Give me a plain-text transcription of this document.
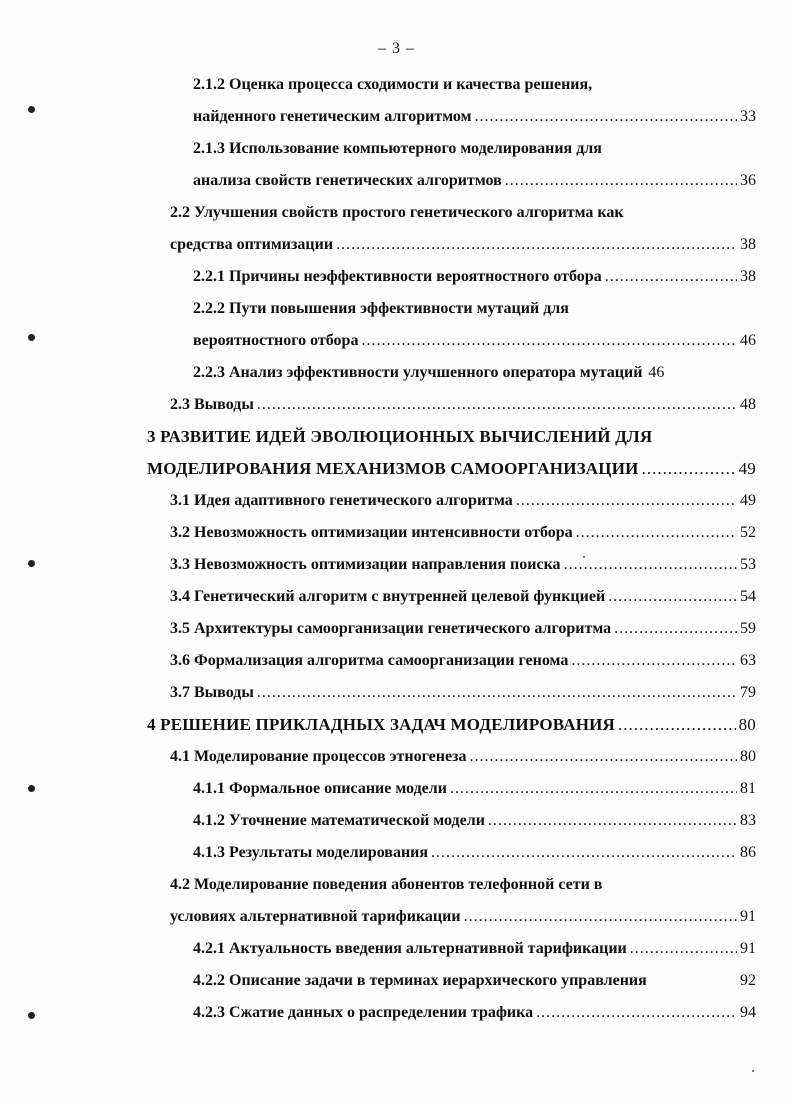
– 3 –
2.1.2 Оценка процесса сходимости и качества решения,
найденного генетическим алгоритмом .....	33
2.1.3 Использование компьютерного моделирования для
анализа свойств генетических алгоритмов .....	36
2.2 Улучшения свойств простого генетического алгоритма как
средства оптимизации .....	38
2.2.1 Причины неэффективности вероятностного отбора .....	38
2.2.2 Пути повышения эффективности мутаций для
вероятностного отбора .....	46
2.2.3 Анализ эффективности улучшенного оператора мутаций 46
2.3 Выводы .....	48
3 РАЗВИТИЕ ИДЕЙ ЭВОЛЮЦИОННЫХ ВЫЧИСЛЕНИЙ ДЛЯ
МОДЕЛИРОВАНИЯ МЕХАНИЗМОВ САМООРГАНИЗАЦИИ .....	49
3.1 Идея адаптивного генетического алгоритма .....	49
3.2 Невозможность оптимизации интенсивности отбора .....	52
3.3 Невозможность оптимизации направления поиска .....	53
3.4 Генетический алгоритм с внутренней целевой функцией .....	54
3.5 Архитектуры самоорганизации генетического алгоритма .....	59
3.6 Формализация алгоритма самоорганизации генома .....	63
3.7 Выводы .....	79
4 РЕШЕНИЕ ПРИКЛАДНЫХ ЗАДАЧ МОДЕЛИРОВАНИЯ .....	80
4.1 Моделирование процессов этногенеза .....	80
4.1.1 Формальное описание модели .....	81
4.1.2 Уточнение математической модели .....	83
4.1.3 Результаты моделирования .....	86
4.2 Моделирование поведения абонентов телефонной сети в
условиях альтернативной тарификации .....	91
4.2.1 Актуальность введения альтернативной тарификации .....	91
4.2.2 Описание задачи в терминах иерархического управления	92
4.2.3 Сжатие данных о распределении трафика .....	94
